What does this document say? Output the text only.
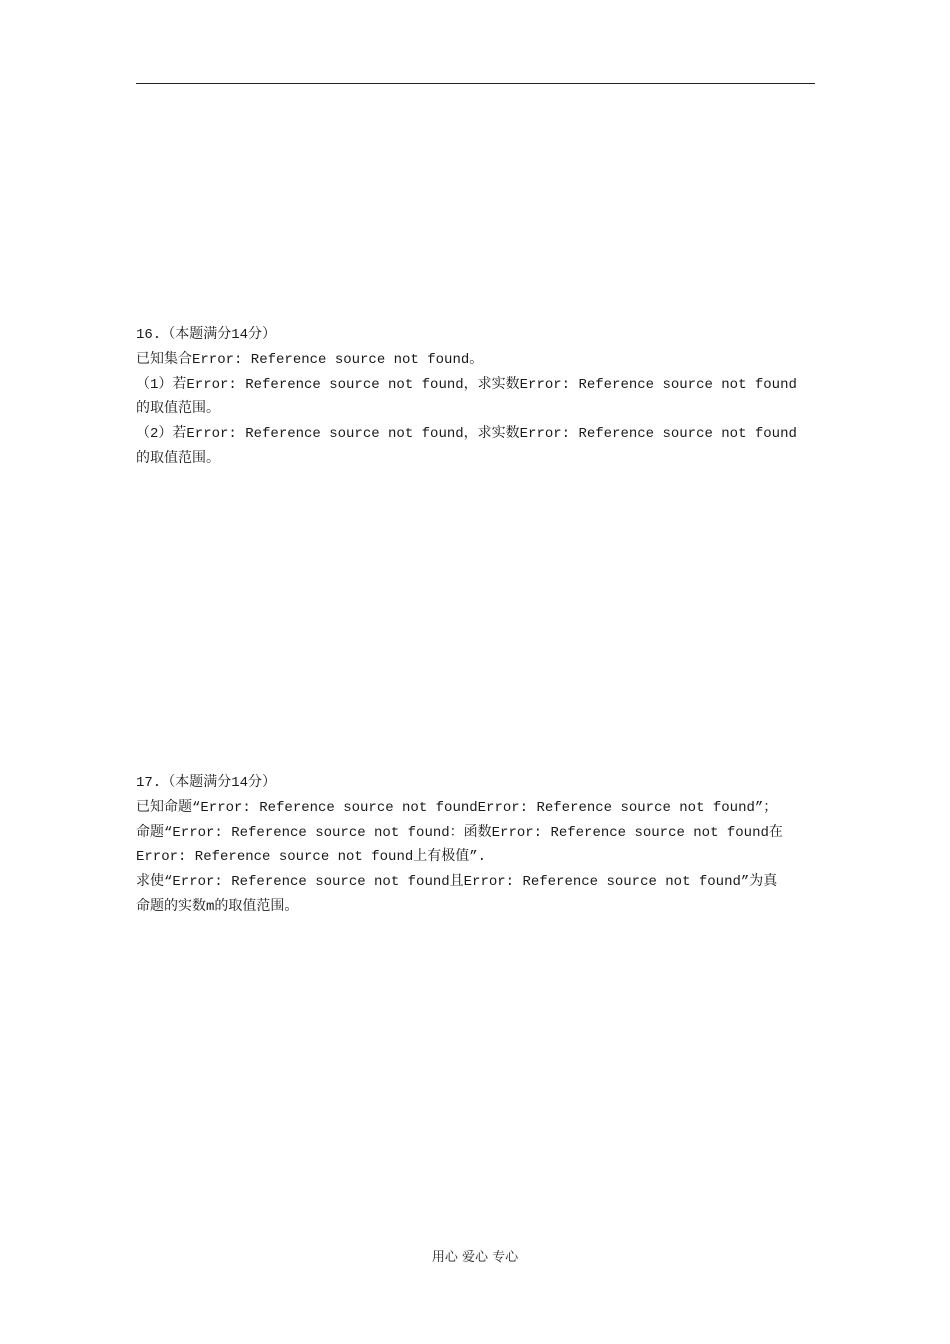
16.（本题满分14分）
已知集合Error: Reference source not found。
（1）若Error: Reference source not found，求实数Error: Reference source not found
的取值范围。
（2）若Error: Reference source not found，求实数Error: Reference source not found
的取值范围。
17.（本题满分14分）
已知命题“Error: Reference source not foundError: Reference source not found”；
命题“Error: Reference source not found：函数Error: Reference source not found在
Error: Reference source not found上有极值”.
求使“Error: Reference source not found且Error: Reference source not found”为真
命题的实数m的取值范围。
用心 爱心 专心
